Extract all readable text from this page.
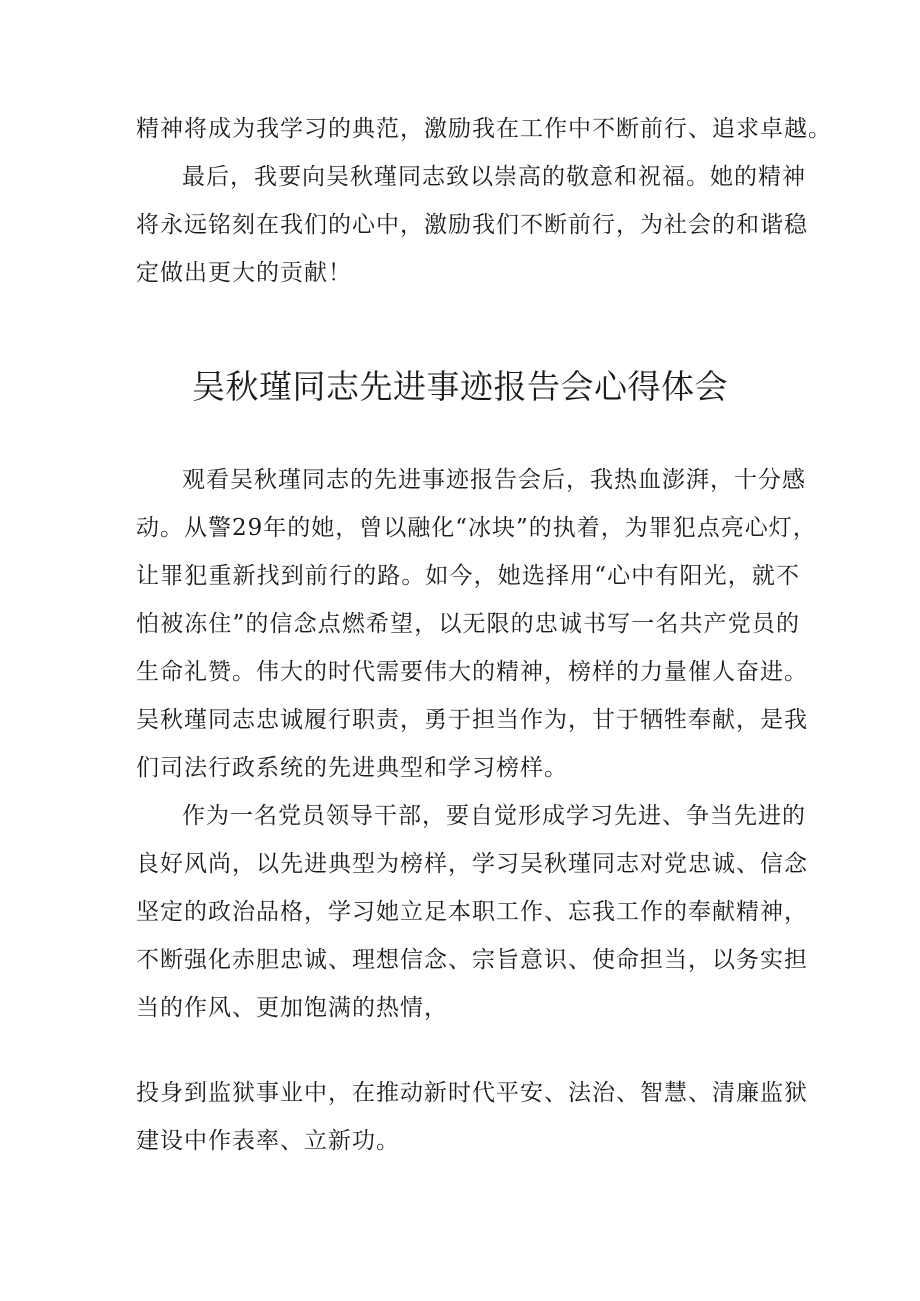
精神将成为我学习的典范，激励我在工作中不断前行、追求卓越。

最后，我要向吴秋瑾同志致以崇高的敬意和祝福。她的精神

将永远铭刻在我们的心中，激励我们不断前行，为社会的和谐稳

定做出更大的贡献！

吴秋瑾同志先进事迹报告会心得体会

观看吴秋瑾同志的先进事迹报告会后，我热血澎湃，十分感

动。从警29年的她，曾以融化“冰块”的执着，为罪犯点亮心灯，

让罪犯重新找到前行的路。如今，她选择用“心中有阳光，就不

怕被冻住”的信念点燃希望，以无限的忠诚书写一名共产党员的

生命礼赞。伟大的时代需要伟大的精神，榜样的力量催人奋进。

吴秋瑾同志忠诚履行职责，勇于担当作为，甘于牺牲奉献，是我

们司法行政系统的先进典型和学习榜样。

作为一名党员领导干部，要自觉形成学习先进、争当先进的

良好风尚，以先进典型为榜样，学习吴秋瑾同志对党忠诚、信念

坚定的政治品格，学习她立足本职工作、忘我工作的奉献精神，

不断强化赤胆忠诚、理想信念、宗旨意识、使命担当，以务实担

当的作风、更加饱满的热情，

投身到监狱事业中，在推动新时代平安、法治、智慧、清廉监狱

建设中作表率、立新功。
